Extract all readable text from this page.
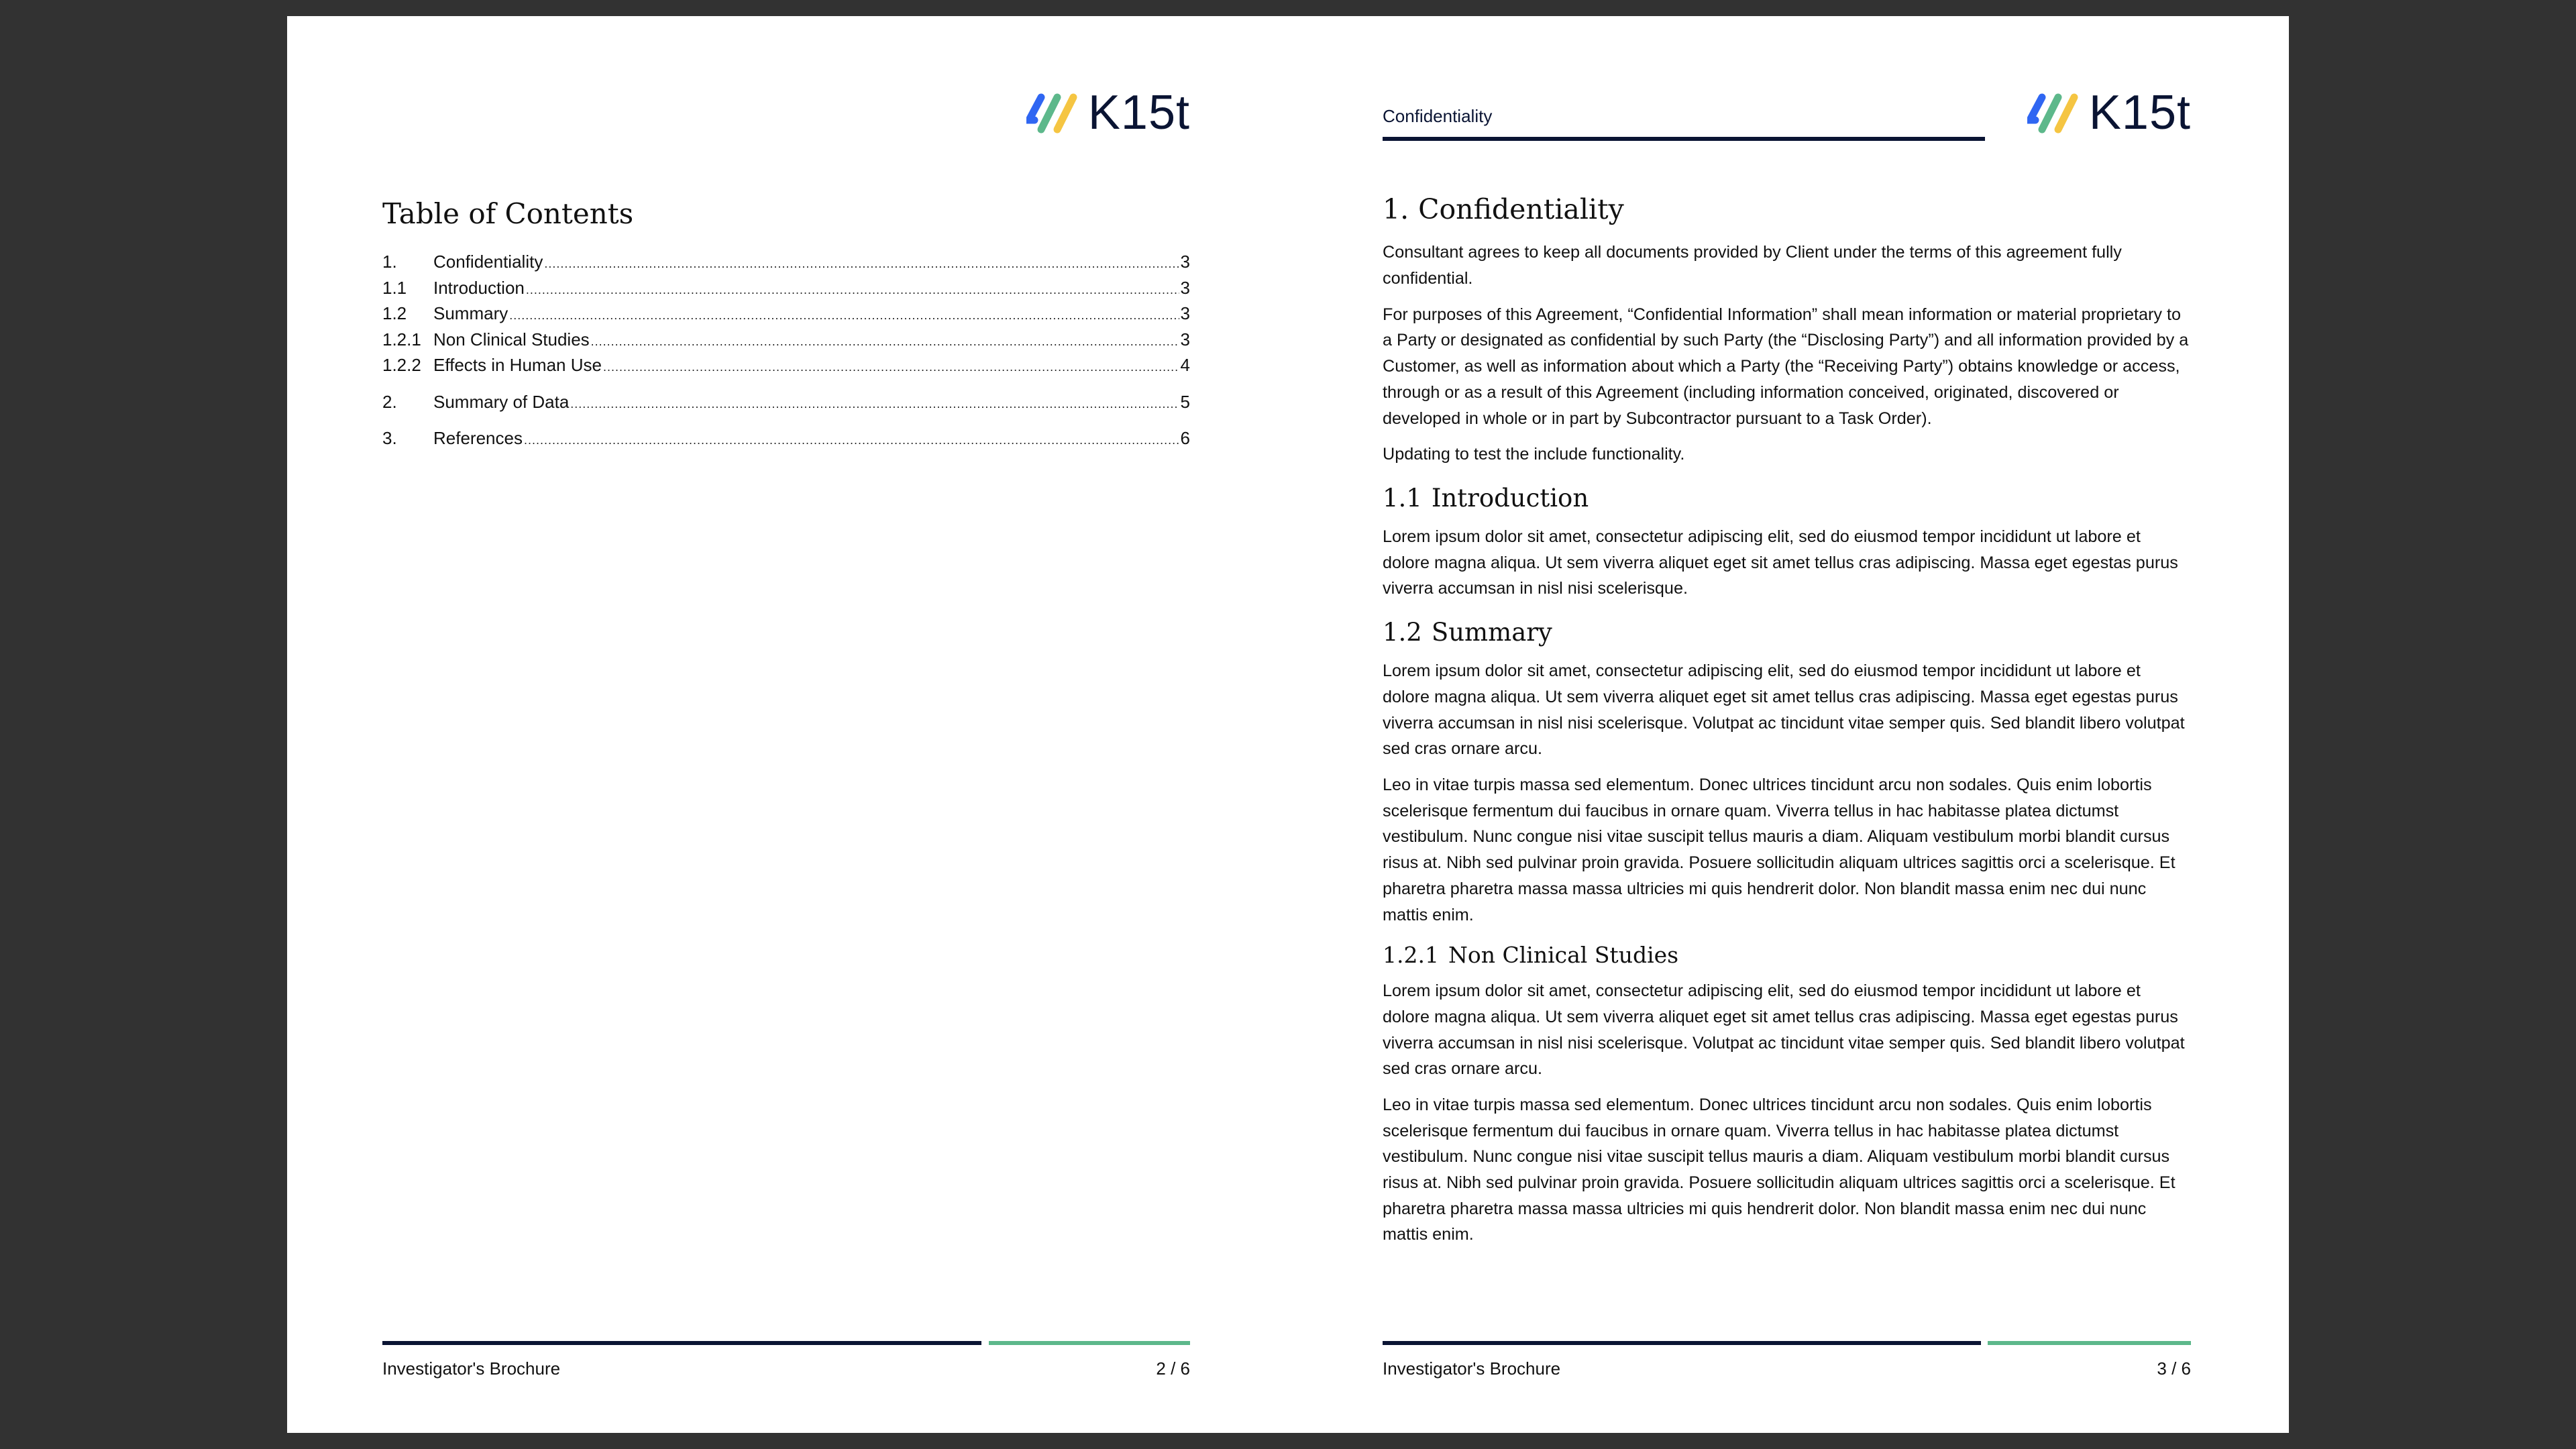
K15t
Table of Contents
1.	Confidentiality .....	3
1.1	Introduction .....	3
1.2	Summary .....	3
1.2.1 Non Clinical Studies .....	3
1.2.2 Effects in Human Use .....	4
2.	Summary of Data .....	5
3.	References .....	6
Investigator's Brochure	2 / 6
Confidentiality	K15t
1. Confidentiality

Consultant agrees to keep all documents provided by Client under the terms of this agreement fully confidential.

For purposes of this Agreement, “Confidential Information” shall mean information or material proprietary to a Party or designated as confidential by such Party (the “Disclosing Party”) and all information provided by a Customer, as well as information about which a Party (the “Receiving Party”) obtains knowledge or access, through or as a result of this Agreement (including information conceived, originated, discovered or developed in whole or in part by Subcontractor pursuant to a Task Order).

Updating to test the include functionality.

1.1 Introduction

Lorem ipsum dolor sit amet, consectetur adipiscing elit, sed do eiusmod tempor incididunt ut labore et dolore magna aliqua. Ut sem viverra aliquet eget sit amet tellus cras adipiscing. Massa eget egestas purus viverra accumsan in nisl nisi scelerisque.

1.2 Summary

Lorem ipsum dolor sit amet, consectetur adipiscing elit, sed do eiusmod tempor incididunt ut labore et dolore magna aliqua. Ut sem viverra aliquet eget sit amet tellus cras adipiscing. Massa eget egestas purus viverra accumsan in nisl nisi scelerisque. Volutpat ac tincidunt vitae semper quis. Sed blandit libero volutpat sed cras ornare arcu.

Leo in vitae turpis massa sed elementum. Donec ultrices tincidunt arcu non sodales. Quis enim lobortis scelerisque fermentum dui faucibus in ornare quam. Viverra tellus in hac habitasse platea dictumst vestibulum. Nunc congue nisi vitae suscipit tellus mauris a diam. Aliquam vestibulum morbi blandit cursus risus at. Nibh sed pulvinar proin gravida. Posuere sollicitudin aliquam ultrices sagittis orci a scelerisque. Et pharetra pharetra massa massa ultricies mi quis hendrerit dolor. Non blandit massa enim nec dui nunc mattis enim.

1.2.1 Non Clinical Studies

Lorem ipsum dolor sit amet, consectetur adipiscing elit, sed do eiusmod tempor incididunt ut labore et dolore magna aliqua. Ut sem viverra aliquet eget sit amet tellus cras adipiscing. Massa eget egestas purus viverra accumsan in nisl nisi scelerisque. Volutpat ac tincidunt vitae semper quis. Sed blandit libero volutpat sed cras ornare arcu.

Leo in vitae turpis massa sed elementum. Donec ultrices tincidunt arcu non sodales. Quis enim lobortis scelerisque fermentum dui faucibus in ornare quam. Viverra tellus in hac habitasse platea dictumst vestibulum. Nunc congue nisi vitae suscipit tellus mauris a diam. Aliquam vestibulum morbi blandit cursus risus at. Nibh sed pulvinar proin gravida. Posuere sollicitudin aliquam ultrices sagittis orci a scelerisque. Et pharetra pharetra massa massa ultricies mi quis hendrerit dolor. Non blandit massa enim nec dui nunc mattis enim.

Investigator's Brochure	3 / 6
